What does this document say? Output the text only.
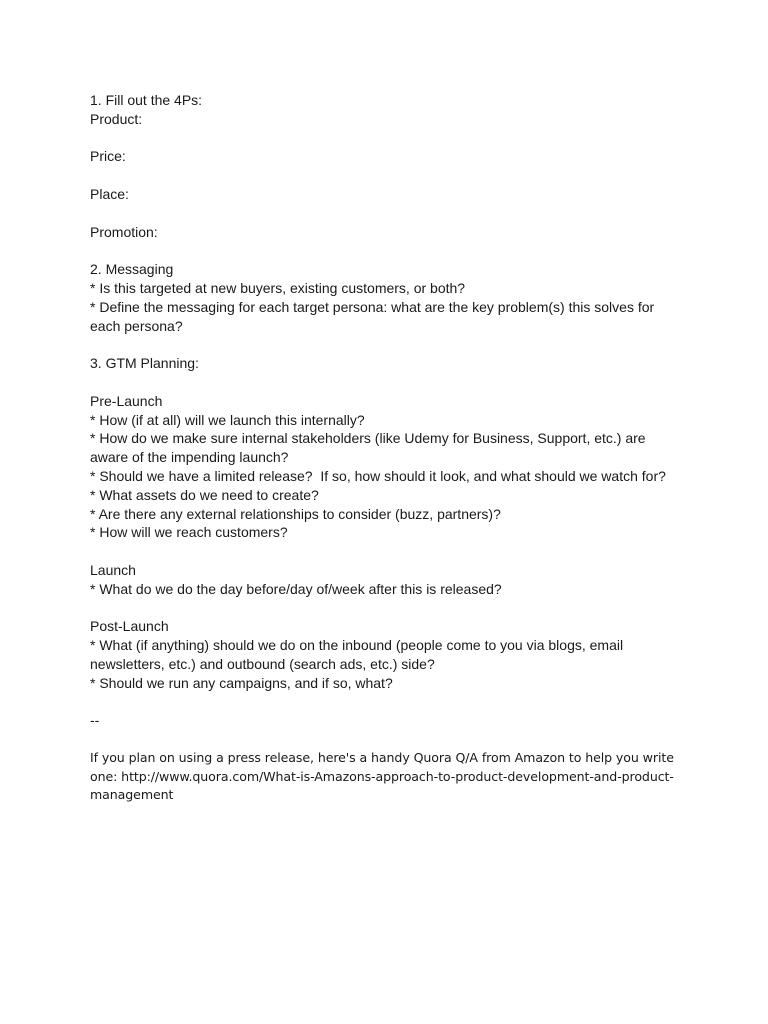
1. Fill out the 4Ps:
Product:
Price:
Place:
Promotion:
2. Messaging
* Is this targeted at new buyers, existing customers, or both?
* Define the messaging for each target persona: what are the key problem(s) this solves for
each persona?
3. GTM Planning:
Pre-Launch
* How (if at all) will we launch this internally?
* How do we make sure internal stakeholders (like Udemy for Business, Support, etc.) are
aware of the impending launch?
* Should we have a limited release?  If so, how should it look, and what should we watch for?
* What assets do we need to create?
* Are there any external relationships to consider (buzz, partners)?
* How will we reach customers?
Launch
* What do we do the day before/day of/week after this is released?
Post-Launch
* What (if anything) should we do on the inbound (people come to you via blogs, email
newsletters, etc.) and outbound (search ads, etc.) side?
* Should we run any campaigns, and if so, what?
--
If you plan on using a press release, here's a handy Quora Q/A from Amazon to help you write
one: http://www.quora.com/What-is-Amazons-approach-to-product-development-and-product-
management
